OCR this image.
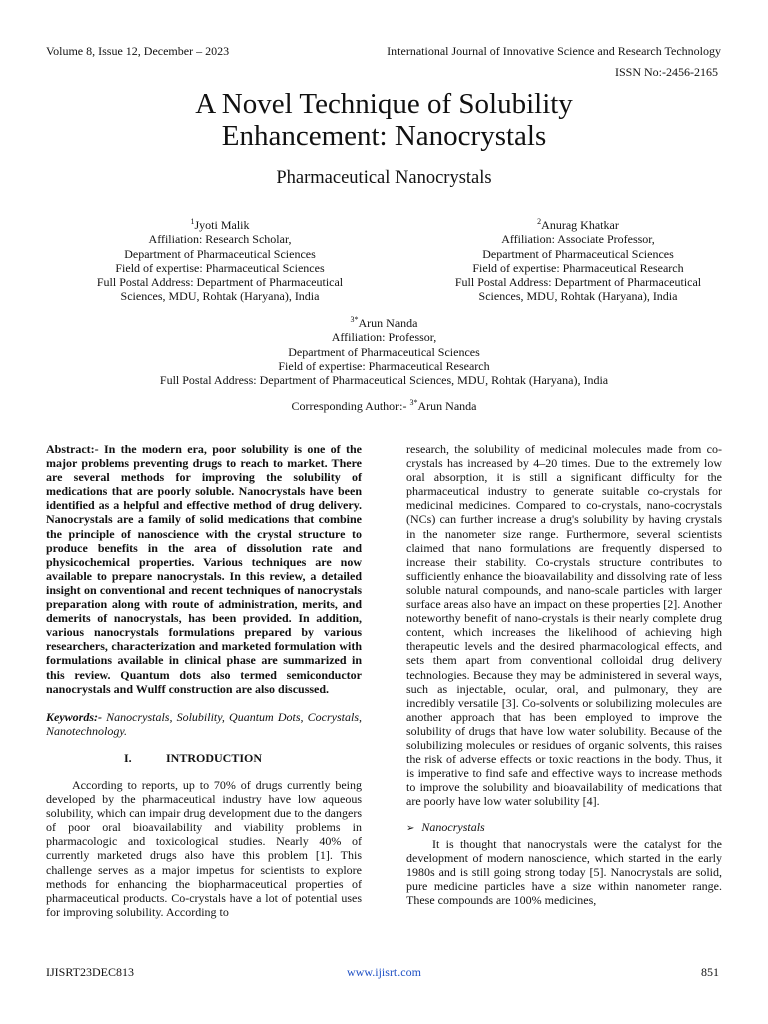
Volume 8, Issue 12, December – 2023	International Journal of Innovative Science and Research Technology
ISSN No:-2456-2165
A Novel Technique of Solubility
Enhancement: Nanocrystals
Pharmaceutical Nanocrystals
$^1$Jyoti Malik
Affiliation: Research Scholar,
Department of Pharmaceutical Sciences
Field of expertise: Pharmaceutical Sciences
Full Postal Address: Department of Pharmaceutical
Sciences, MDU, Rohtak (Haryana), India
$^2$Anurag Khatkar
Affiliation: Associate Professor,
Department of Pharmaceutical Sciences
Field of expertise: Pharmaceutical Research
Full Postal Address: Department of Pharmaceutical
Sciences, MDU, Rohtak (Haryana), India
$^{3*}$Arun Nanda
Affiliation: Professor,
Department of Pharmaceutical Sciences
Field of expertise: Pharmaceutical Research
Full Postal Address: Department of Pharmaceutical Sciences, MDU, Rohtak (Haryana), India
Corresponding Author:- $^{3*}$Arun Nanda

Abstract:- In the modern era, poor solubility is one of the major problems preventing drugs to reach to market. There are several methods for improving the solubility of medications that are poorly soluble. Nanocrystals have been identified as a helpful and effective method of drug delivery. Nanocrystals are a family of solid medications that combine the principle of nanoscience with the crystal structure to produce benefits in the area of dissolution rate and physicochemical properties. Various techniques are now available to prepare nanocrystals. In this review, a detailed insight on conventional and recent techniques of nanocrystals preparation along with route of administration, merits, and demerits of nanocrystals, has been provided. In addition, various nanocrystals formulations prepared by various researchers, characterization and marketed formulation with formulations available in clinical phase are summarized in this review. Quantum dots also termed semiconductor nanocrystals and Wulff construction are also discussed.

Keywords:- Nanocrystals, Solubility, Quantum Dots, Cocrystals, Nanotechnology.

I.	INTRODUCTION

According to reports, up to 70% of drugs currently being developed by the pharmaceutical industry have low aqueous solubility, which can impair drug development due to the dangers of poor oral bioavailability and viability problems in pharmacologic and toxicological studies. Nearly 40% of currently marketed drugs also have this problem [1]. This challenge serves as a major impetus for scientists to explore methods for enhancing the biopharmaceutical properties of pharmaceutical products. Co-crystals have a lot of potential uses for improving solubility. According to

research, the solubility of medicinal molecules made from co-crystals has increased by 4–20 times. Due to the extremely low oral absorption, it is still a significant difficulty for the pharmaceutical industry to generate suitable co-crystals for medicinal medicines. Compared to co-crystals, nano-cocrystals (NCs) can further increase a drug's solubility by having crystals in the nanometer size range. Furthermore, several scientists claimed that nano formulations are frequently dispersed to increase their stability. Co-crystals structure contributes to sufficiently enhance the bioavailability and dissolving rate of less soluble natural compounds, and nano-scale particles with larger surface areas also have an impact on these properties [2]. Another noteworthy benefit of nano-crystals is their nearly complete drug content, which increases the likelihood of achieving high therapeutic levels and the desired pharmacological effects, and sets them apart from conventional colloidal drug delivery technologies. Because they may be administered in several ways, such as injectable, ocular, oral, and pulmonary, they are incredibly versatile [3]. Co-solvents or solubilizing molecules are another approach that has been employed to improve the solubility of drugs that have low water solubility. Because of the solubilizing molecules or residues of organic solvents, this raises the risk of adverse effects or toxic reactions in the body. Thus, it is imperative to find safe and effective ways to increase methods to improve the solubility and bioavailability of medications that are poorly have low water solubility [4].

➢ Nanocrystals

It is thought that nanocrystals were the catalyst for the development of modern nanoscience, which started in the early 1980s and is still going strong today [5]. Nanocrystals are solid, pure medicine particles have a size within nanometer range. These compounds are 100% medicines,

IJISRT23DEC813	www.ijisrt.com	851
